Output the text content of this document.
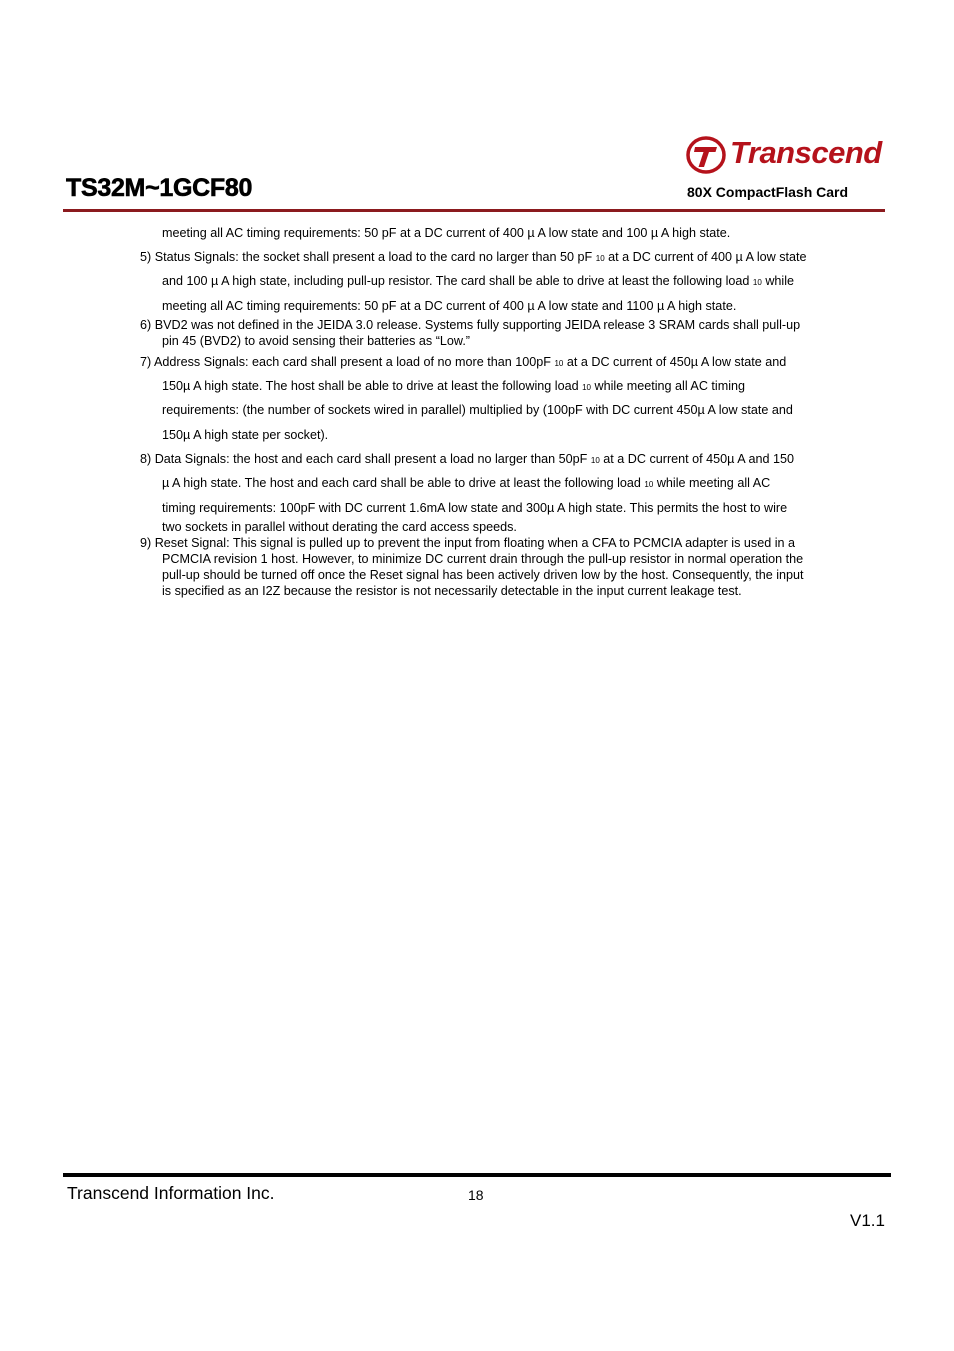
Transcend
TS32M~1GCF80	80X CompactFlash Card
meeting all AC timing requirements: 50 pF at a DC current of 400 µ A low state and 100 µ A high state.
5) Status Signals: the socket shall present a load to the card no larger than 50 pF 10 at a DC current of 400 µ A low state
and 100 µ A high state, including pull-up resistor. The card shall be able to drive at least the following load 10 while
meeting all AC timing requirements: 50 pF at a DC current of 400 µ A low state and 1100 µ A high state.
6) BVD2 was not defined in the JEIDA 3.0 release. Systems fully supporting JEIDA release 3 SRAM cards shall pull-up
pin 45 (BVD2) to avoid sensing their batteries as “Low.”
7) Address Signals: each card shall present a load of no more than 100pF 10 at a DC current of 450µ A low state and
150µ A high state. The host shall be able to drive at least the following load 10 while meeting all AC timing
requirements: (the number of sockets wired in parallel) multiplied by (100pF with DC current 450µ A low state and
150µ A high state per socket).
8) Data Signals: the host and each card shall present a load no larger than 50pF 10 at a DC current of 450µ A and 150
µ A high state. The host and each card shall be able to drive at least the following load 10 while meeting all AC
timing requirements: 100pF with DC current 1.6mA low state and 300µ A high state. This permits the host to wire
two sockets in parallel without derating the card access speeds.
9) Reset Signal: This signal is pulled up to prevent the input from floating when a CFA to PCMCIA adapter is used in a
PCMCIA revision 1 host. However, to minimize DC current drain through the pull-up resistor in normal operation the
pull-up should be turned off once the Reset signal has been actively driven low by the host. Consequently, the input
is specified as an I2Z because the resistor is not necessarily detectable in the input current leakage test.
Transcend Information Inc.	18
V1.1
